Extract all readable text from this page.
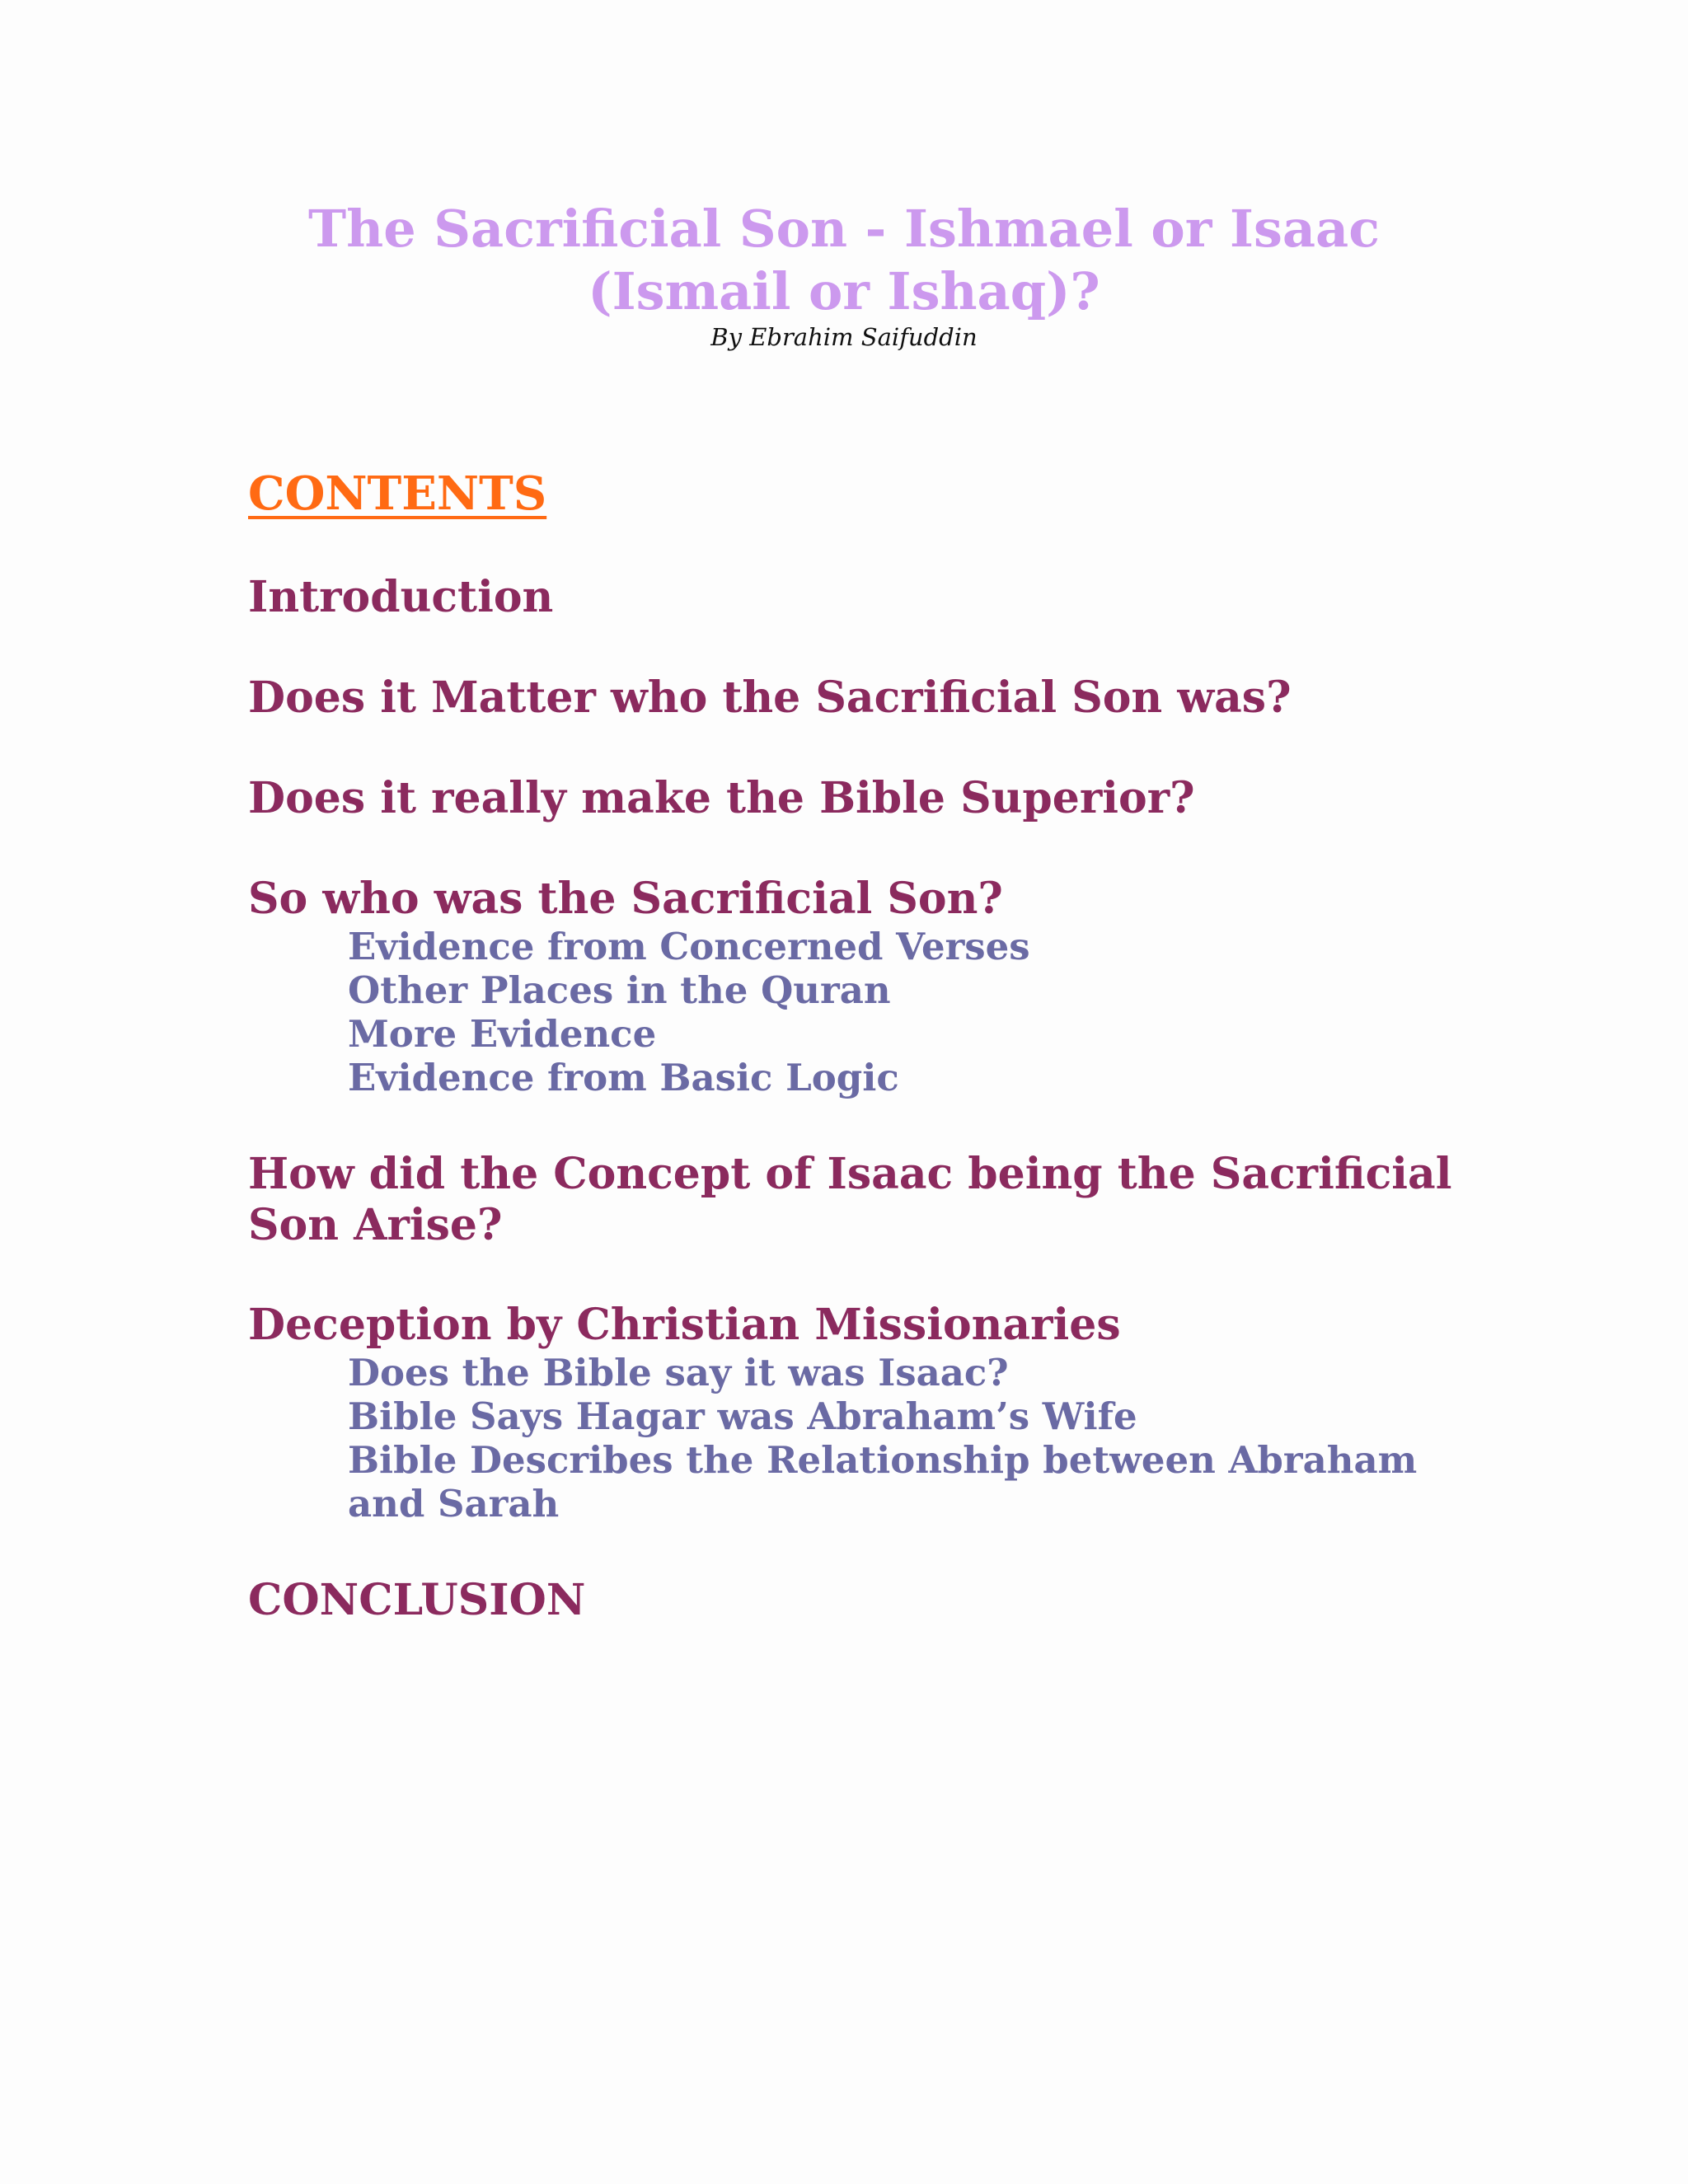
The Sacrificial Son - Ishmael or Isaac
(Ismail or Ishaq)?

By Ebrahim Saifuddin

CONTENTS

Introduction

Does it Matter who the Sacrificial Son was?

Does it really make the Bible Superior?

So who was the Sacrificial Son?

Evidence from Concerned Verses

Other Places in the Quran

More Evidence

Evidence from Basic Logic

How did the Concept of Isaac being the Sacrificial

Son Arise?

Deception by Christian Missionaries

Does the Bible say it was Isaac?

Bible Says Hagar was Abraham’s Wife

Bible Describes the Relationship between Abraham

and Sarah

CONCLUSION
